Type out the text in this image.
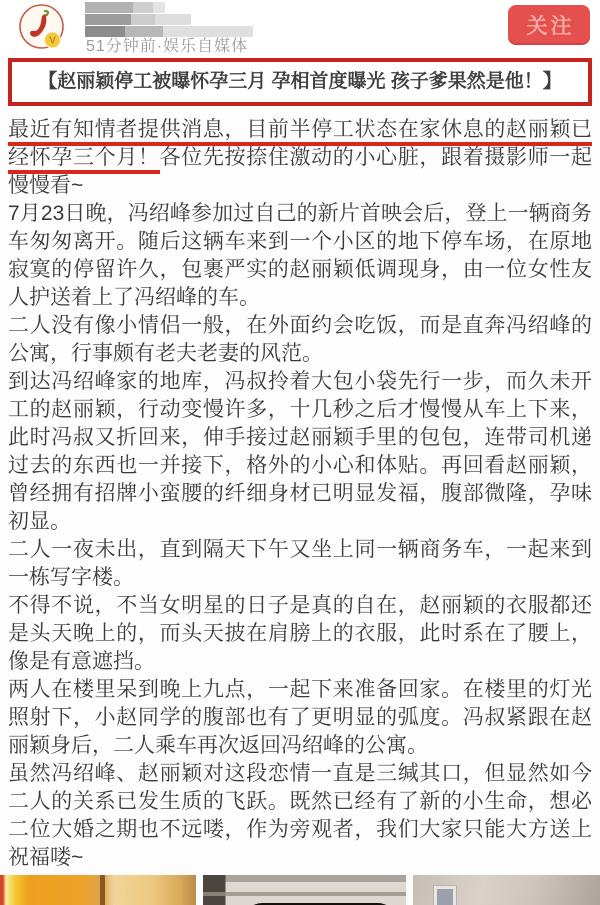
V 51分钟前·娱乐自媒体
关注
【赵丽颖停工被曝怀孕三月 孕相首度曝光 孩子爹果然是他！】

最近有知情者提供消息，目前半停工状态在家休息的赵丽颖已经怀孕三个月！各位先按捺住激动的小心脏，跟着摄影师一起慢慢看~

7月23日晚，冯绍峰参加过自己的新片首映会后，登上一辆商务车匆匆离开。随后这辆车来到一个小区的地下停车场，在原地寂寞的停留许久，包裹严实的赵丽颖低调现身，由一位女性友人护送着上了冯绍峰的车。

二人没有像小情侣一般，在外面约会吃饭，而是直奔冯绍峰的公寓，行事颇有老夫老妻的风范。

到达冯绍峰家的地库，冯叔拎着大包小袋先行一步，而久未开工的赵丽颖，行动变慢许多，十几秒之后才慢慢从车上下来，此时冯叔又折回来，伸手接过赵丽颖手里的包包，连带司机递过去的东西也一并接下，格外的小心和体贴。再回看赵丽颖，曾经拥有招牌小蛮腰的纤细身材已明显发福，腹部微隆，孕味初显。

二人一夜未出，直到隔天下午又坐上同一辆商务车，一起来到一栋写字楼。

不得不说，不当女明星的日子是真的自在，赵丽颖的衣服都还是头天晚上的，而头天披在肩膀上的衣服，此时系在了腰上，像是有意遮挡。

两人在楼里呆到晚上九点，一起下来准备回家。在楼里的灯光照射下，小赵同学的腹部也有了更明显的弧度。冯叔紧跟在赵丽颖身后，二人乘车再次返回冯绍峰的公寓。

虽然冯绍峰、赵丽颖对这段恋情一直是三缄其口，但显然如今二人的关系已发生质的飞跃。既然已经有了新的小生命，想必二位大婚之期也不远喽，作为旁观者，我们大家只能大方送上祝福喽~
